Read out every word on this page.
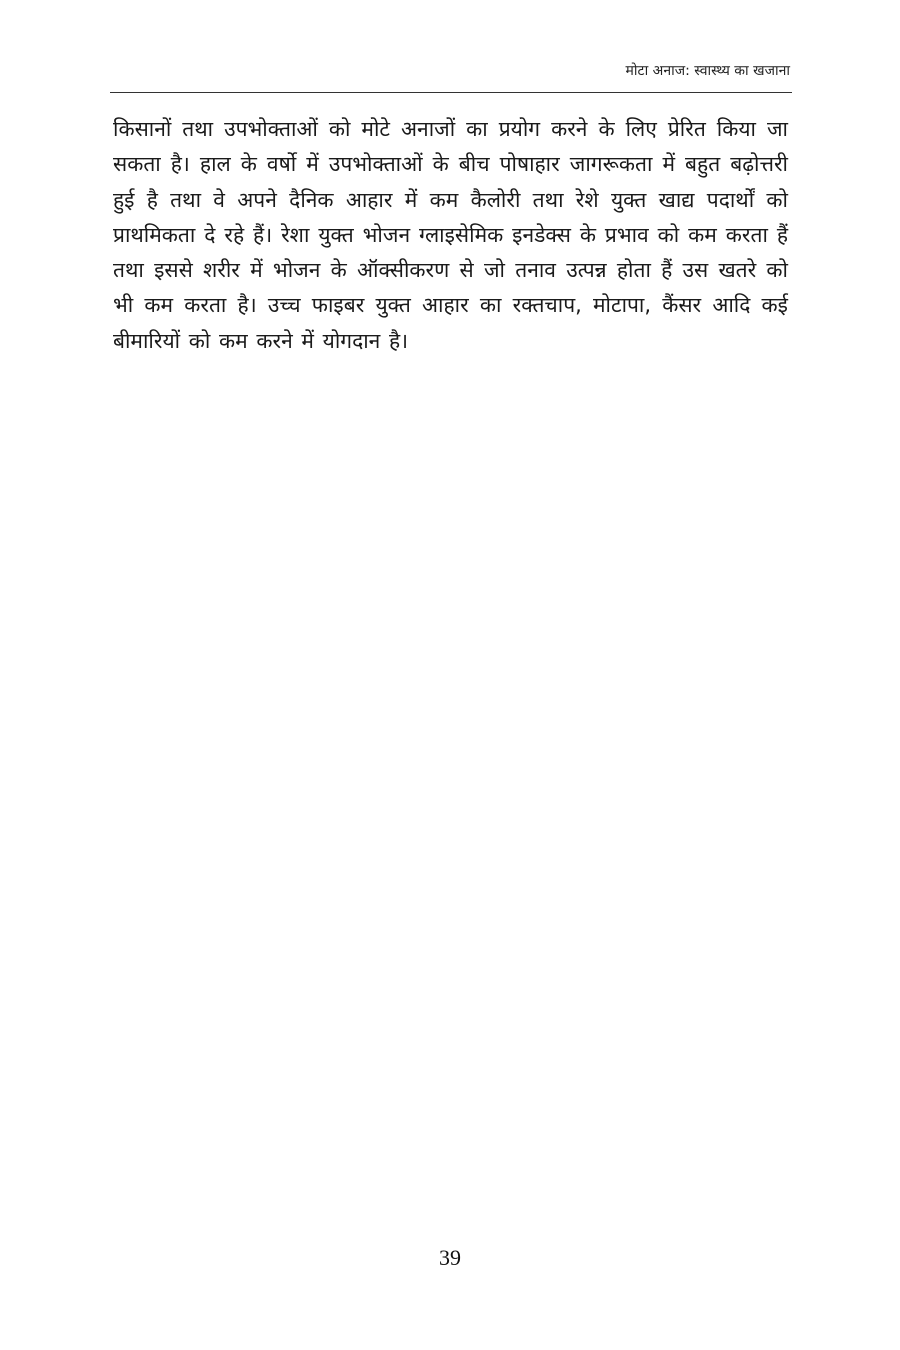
मोटा अनाज: स्वास्थ्य का खजाना

किसानों तथा उपभोक्ताओं को मोटे अनाजों का प्रयोग करने के लिए प्रेरित किया जा सकता है। हाल के वर्षो में उपभोक्ताओं के बीच पोषाहार जागरूकता में बहुत बढ़ोत्तरी हुई है तथा वे अपने दैनिक आहार में कम कैलोरी तथा रेशे युक्त खाद्य पदार्थों को प्राथमिकता दे रहे हैं। रेशा युक्त भोजन ग्लाइसेमिक इनडेक्स के प्रभाव को कम करता हैं तथा इससे शरीर में भोजन के ऑक्सीकरण से जो तनाव उत्पन्न होता हैं उस खतरे को भी कम करता है। उच्च फाइबर युक्त आहार का रक्तचाप, मोटापा, कैंसर आदि कई बीमारियों को कम करने में योगदान है।

39
